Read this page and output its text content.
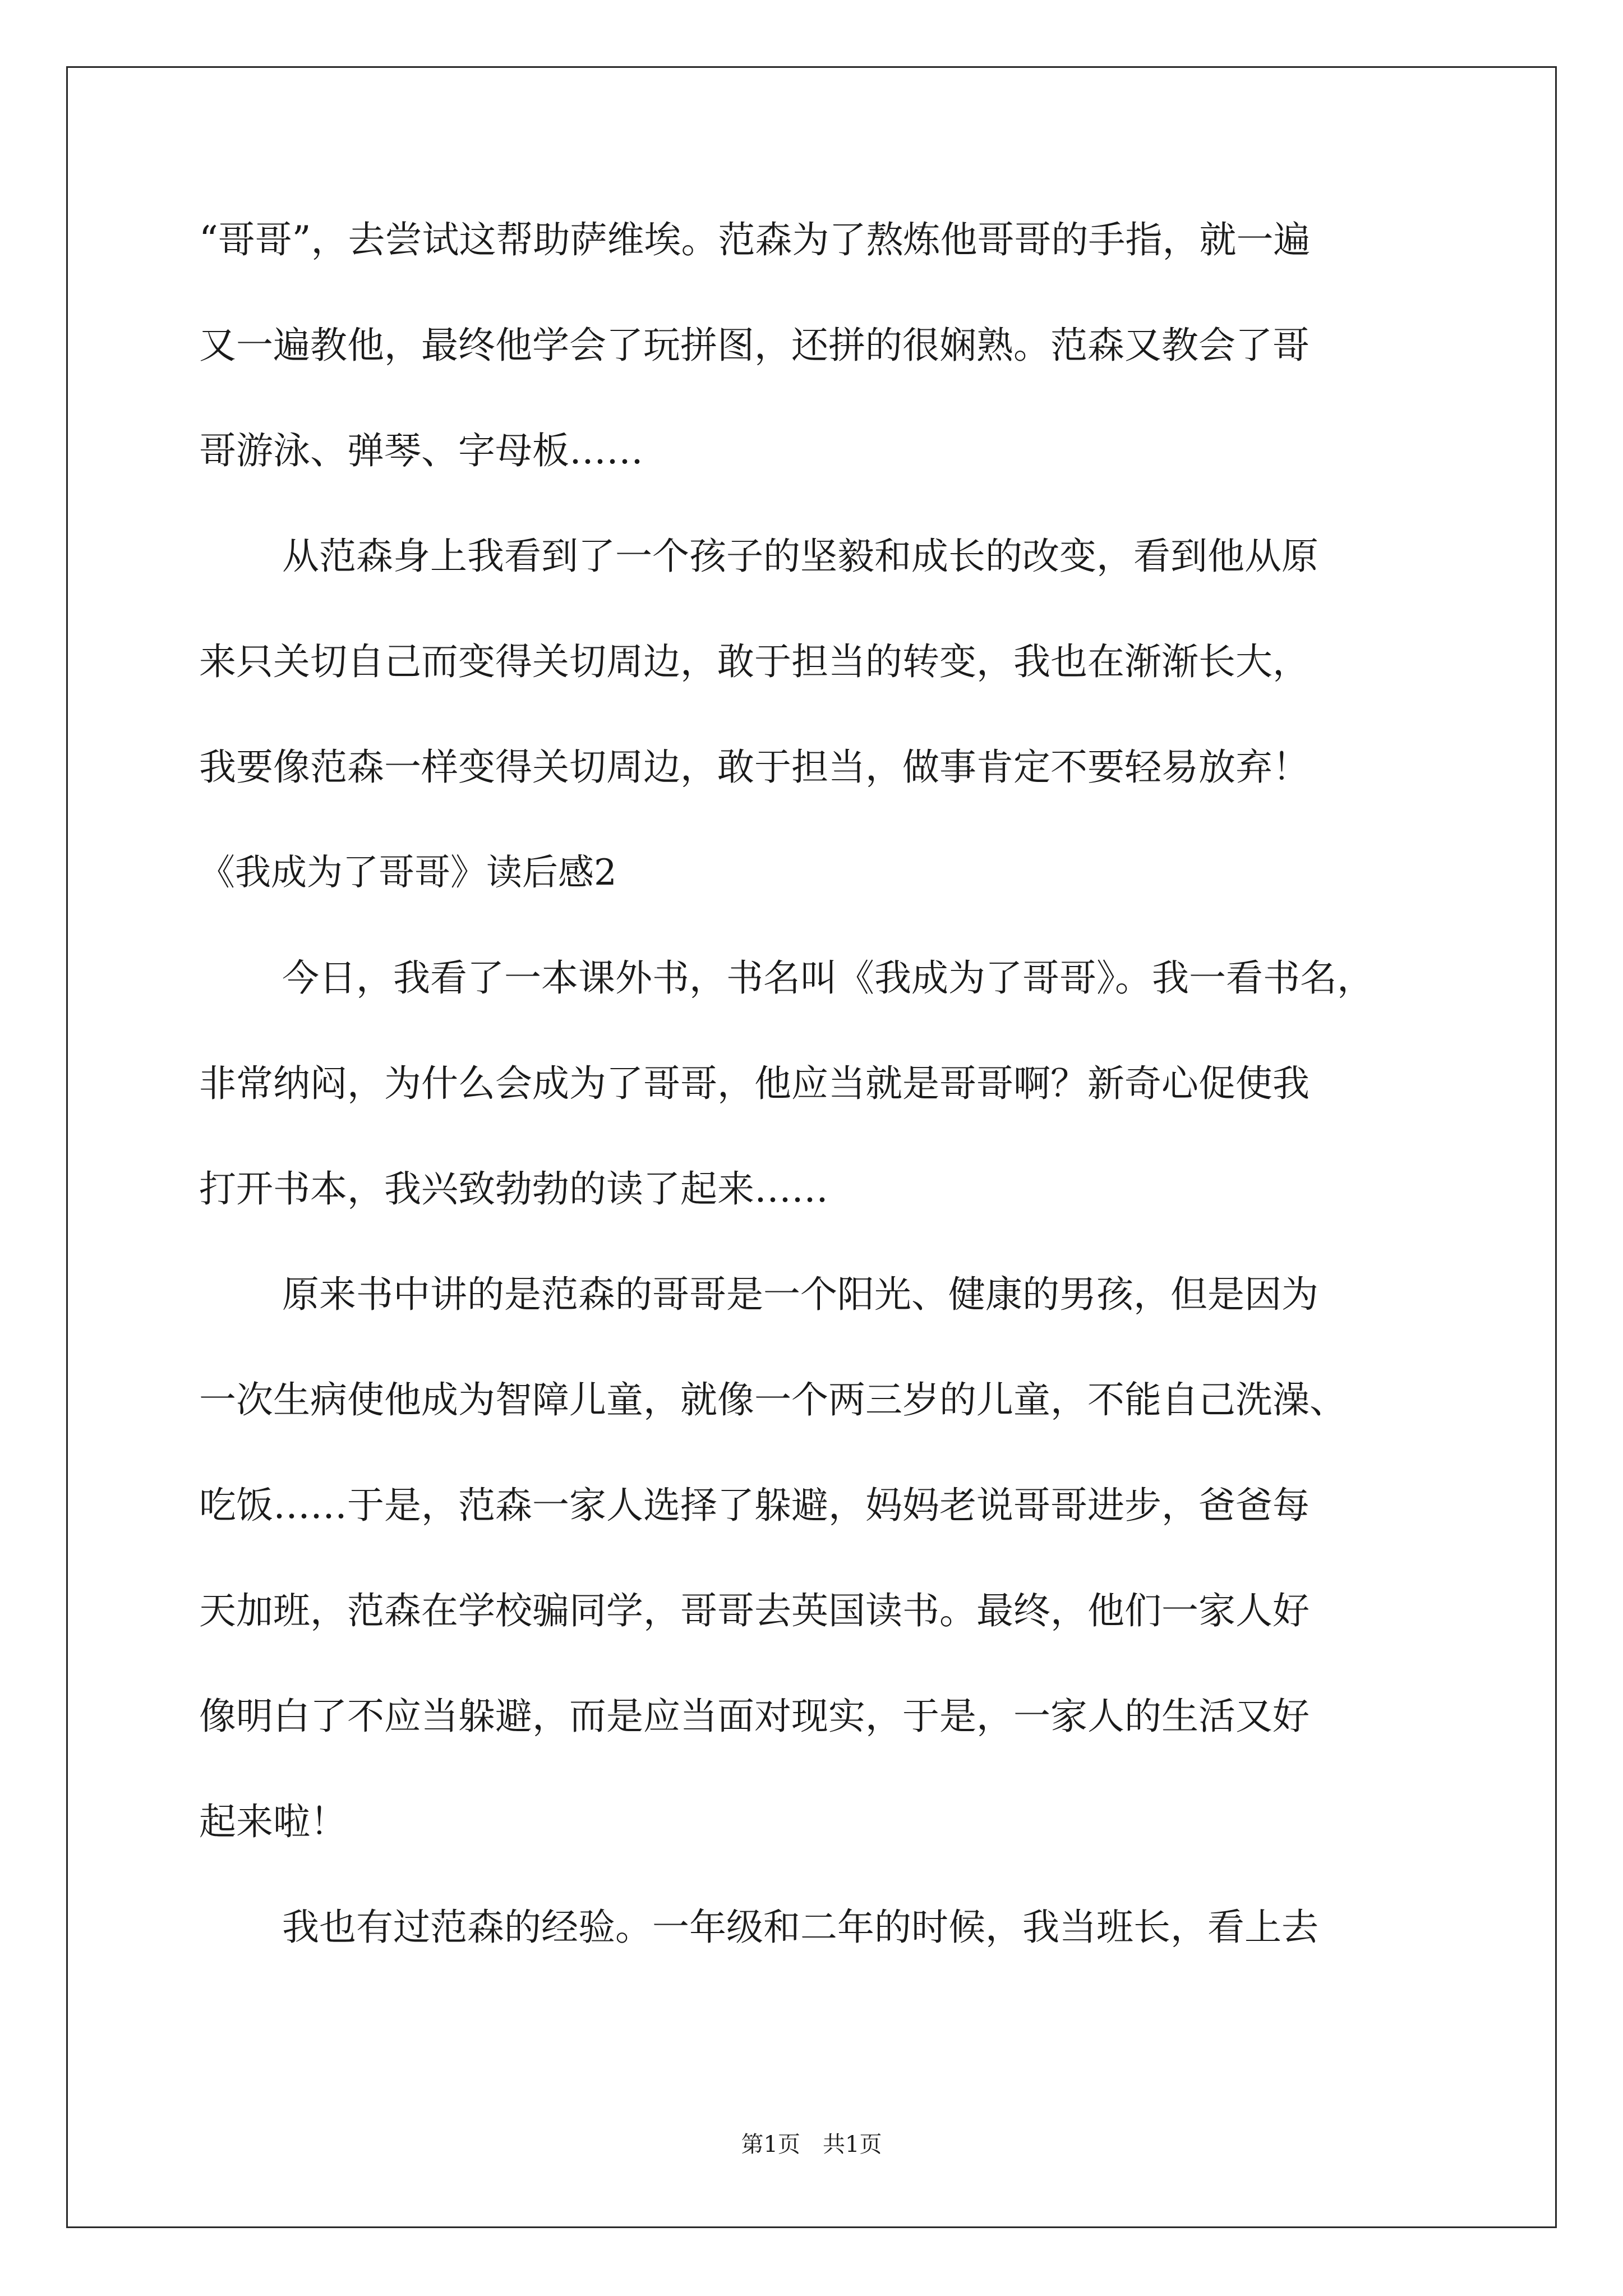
“哥哥”，去尝试这帮助萨维埃。范森为了熬炼他哥哥的手指，就一遍
又一遍教他，最终他学会了玩拼图，还拼的很娴熟。范森又教会了哥
哥游泳、弹琴、字母板……
从范森身上我看到了一个孩子的坚毅和成长的改变，看到他从原
来只关切自己而变得关切周边，敢于担当的转变，我也在渐渐长大，
我要像范森一样变得关切周边，敢于担当，做事肯定不要轻易放弃！
《我成为了哥哥》读后感2
今日，我看了一本课外书，书名叫《我成为了哥哥》。我一看书名，
非常纳闷，为什么会成为了哥哥，他应当就是哥哥啊？新奇心促使我
打开书本，我兴致勃勃的读了起来……
原来书中讲的是范森的哥哥是一个阳光、健康的男孩，但是因为
一次生病使他成为智障儿童，就像一个两三岁的儿童，不能自己洗澡、
吃饭……于是，范森一家人选择了躲避，妈妈老说哥哥进步，爸爸每
天加班，范森在学校骗同学，哥哥去英国读书。最终，他们一家人好
像明白了不应当躲避，而是应当面对现实，于是，一家人的生活又好
起来啦！
我也有过范森的经验。一年级和二年的时候，我当班长，看上去
第1页　共1页
